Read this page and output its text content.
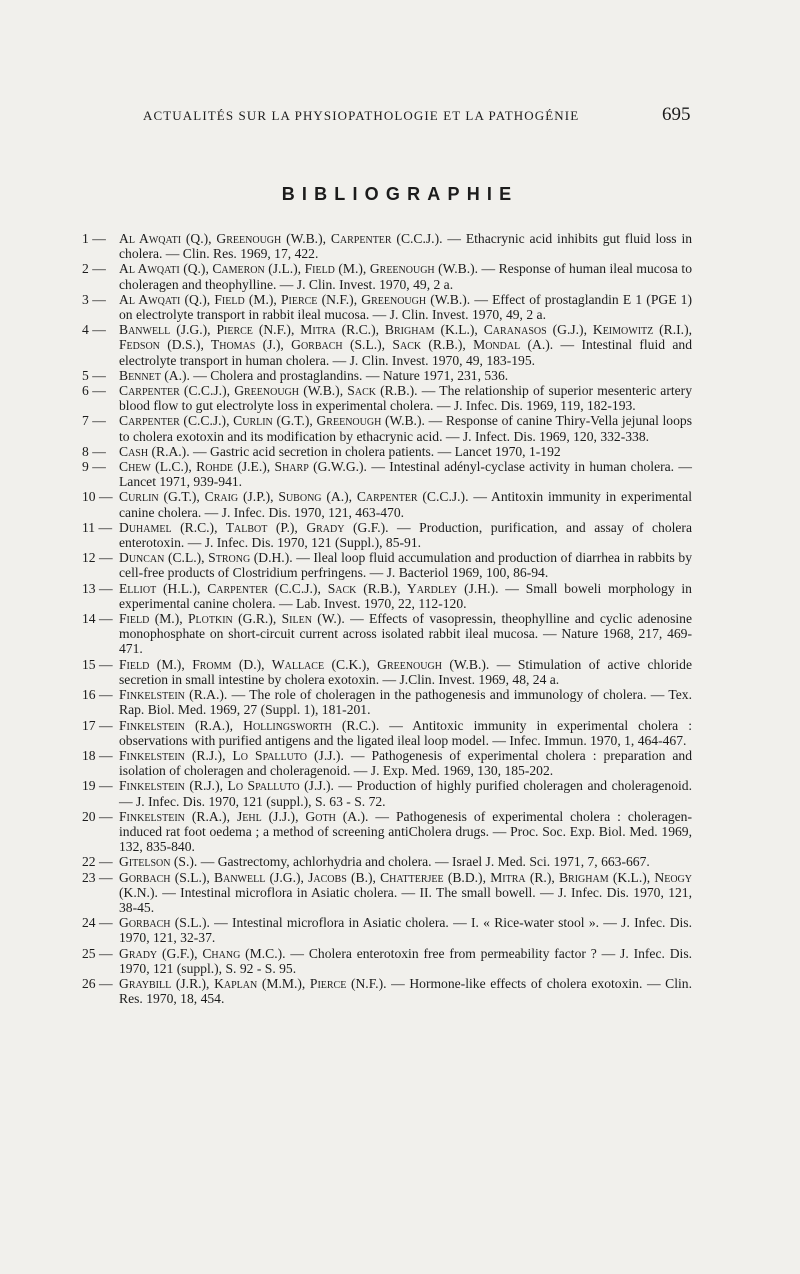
ACTUALITÉS SUR LA PHYSIOPATHOLOGIE ET LA PATHOGÉNIE	695
BIBLIOGRAPHIE
1 — Al Awqati (Q.), Greenough (W.B.), Carpenter (C.C.J.). — Ethacrynic acid inhibits gut fluid loss in cholera. — Clin. Res. 1969, 17, 422.
2 — Al Awqati (Q.), Cameron (J.L.), Field (M.), Greenough (W.B.). — Response of human ileal mucosa to choleragen and theophylline. — J. Clin. Invest. 1970, 49, 2 a.
3 — Al Awqati (Q.), Field (M.), Pierce (N.F.), Greenough (W.B.). — Effect of prostaglandin E 1 (PGE 1) on electrolyte transport in rabbit ileal mucosa. — J. Clin. Invest. 1970, 49, 2 a.
4 — Banwell (J.G.), Pierce (N.F.), Mitra (R.C.), Brigham (K.L.), Caranasos (G.J.), Keimowitz (R.I.), Fedson (D.S.), Thomas (J.), Gorbach (S.L.), Sack (R.B.), Mondal (A.). — Intestinal fluid and electrolyte transport in human cholera. — J. Clin. Invest. 1970, 49, 183-195.
5 — Bennet (A.). — Cholera and prostaglandins. — Nature 1971, 231, 536.
6 — Carpenter (C.C.J.), Greenough (W.B.), Sack (R.B.). — The relationship of superior mesenteric artery blood flow to gut electrolyte loss in experimental cholera. — J. Infec. Dis. 1969, 119, 182-193.
7 — Carpenter (C.C.J.), Curlin (G.T.), Greenough (W.B.). — Response of canine Thiry-Vella jejunal loops to cholera exotoxin and its modification by ethacrynic acid. — J. Infect. Dis. 1969, 120, 332-338.
8 — Cash (R.A.). — Gastric acid secretion in cholera patients. — Lancet 1970, 1-192
9 — Chew (L.C.), Rohde (J.E.), Sharp (G.W.G.). — Intestinal adényl-cyclase activity in human cholera. — Lancet 1971, 939-941.
10 — Curlin (G.T.), Craig (J.P.), Subong (A.), Carpenter (C.C.J.). — Antitoxin immunity in experimental canine cholera. — J. Infec. Dis. 1970, 121, 463-470.
11 — Duhamel (R.C.), Talbot (P.), Grady (G.F.). — Production, purification, and assay of cholera enterotoxin. — J. Infec. Dis. 1970, 121 (Suppl.), 85-91.
12 — Duncan (C.L.), Strong (D.H.). — Ileal loop fluid accumulation and production of diarrhea in rabbits by cell-free products of Clostridium perfringens. — J. Bacteriol 1969, 100, 86-94.
13 — Elliot (H.L.), Carpenter (C.C.J.), Sack (R.B.), Yardley (J.H.). — Small boweli morphology in experimental canine cholera. — Lab. Invest. 1970, 22, 112-120.
14 — Field (M.), Plotkin (G.R.), Silen (W.). — Effects of vasopressin, theophylline and cyclic adenosine monophosphate on short-circuit current across isolated rabbit ileal mucosa. — Nature 1968, 217, 469-471.
15 — Field (M.), Fromm (D.), Wallace (C.K.), Greenough (W.B.). — Stimulation of active chloride secretion in small intestine by cholera exotoxin. — J.Clin. Invest. 1969, 48, 24 a.
16 — Finkelstein (R.A.). — The role of choleragen in the pathogenesis and immunology of cholera. — Tex. Rap. Biol. Med. 1969, 27 (Suppl. 1), 181-201.
17 — Finkelstein (R.A.), Hollingsworth (R.C.). — Antitoxic immunity in experimental cholera : observations with purified antigens and the ligated ileal loop model. — Infec. Immun. 1970, 1, 464-467.
18 — Finkelstein (R.J.), Lo Spalluto (J.J.). — Pathogenesis of experimental cholera : preparation and isolation of choleragen and choleragenoid. — J. Exp. Med. 1969, 130, 185-202.
19 — Finkelstein (R.J.), Lo Spalluto (J.J.). — Production of highly purified choleragen and choleragenoid. — J. Infec. Dis. 1970, 121 (suppl.), S. 63 - S. 72.
20 — Finkelstein (R.A.), Jehl (J.J.), Goth (A.). — Pathogenesis of experimental cholera : choleragen-induced rat foot oedema ; a method of screening antiCholera drugs. — Proc. Soc. Exp. Biol. Med. 1969, 132, 835-840.
22 — Gitelson (S.). — Gastrectomy, achlorhydria and cholera. — Israel J. Med. Sci. 1971, 7, 663-667.
23 — Gorbach (S.L.), Banwell (J.G.), Jacobs (B.), Chatterjee (B.D.), Mitra (R.), Brigham (K.L.), Neogy (K.N.). — Intestinal microflora in Asiatic cholera. — II. The small bowell. — J. Infec. Dis. 1970, 121, 38-45.
24 — Gorbach (S.L.). — Intestinal microflora in Asiatic cholera. — I. « Rice-water stool ». — J. Infec. Dis. 1970, 121, 32-37.
25 — Grady (G.F.), Chang (M.C.). — Cholera enterotoxin free from permeability factor ? — J. Infec. Dis. 1970, 121 (suppl.), S. 92 - S. 95.
26 — Graybill (J.R.), Kaplan (M.M.), Pierce (N.F.). — Hormone-like effects of cholera exotoxin. — Clin. Res. 1970, 18, 454.
